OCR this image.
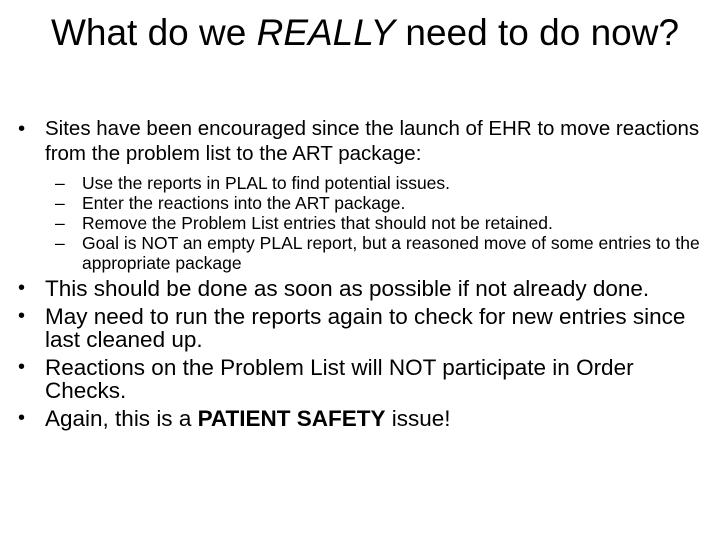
What do we REALLY need to do now?
• Sites have been encouraged since the launch of EHR to move reactions from the problem list to the ART package:
– Use the reports in PLAL to find potential issues.
– Enter the reactions into the ART package.
– Remove the Problem List entries that should not be retained.
– Goal is NOT an empty PLAL report, but a reasoned move of some entries to the appropriate package
• This should be done as soon as possible if not already done.
• May need to run the reports again to check for new entries since last cleaned up.
• Reactions on the Problem List will NOT participate in Order Checks.
• Again, this is a PATIENT SAFETY issue!
